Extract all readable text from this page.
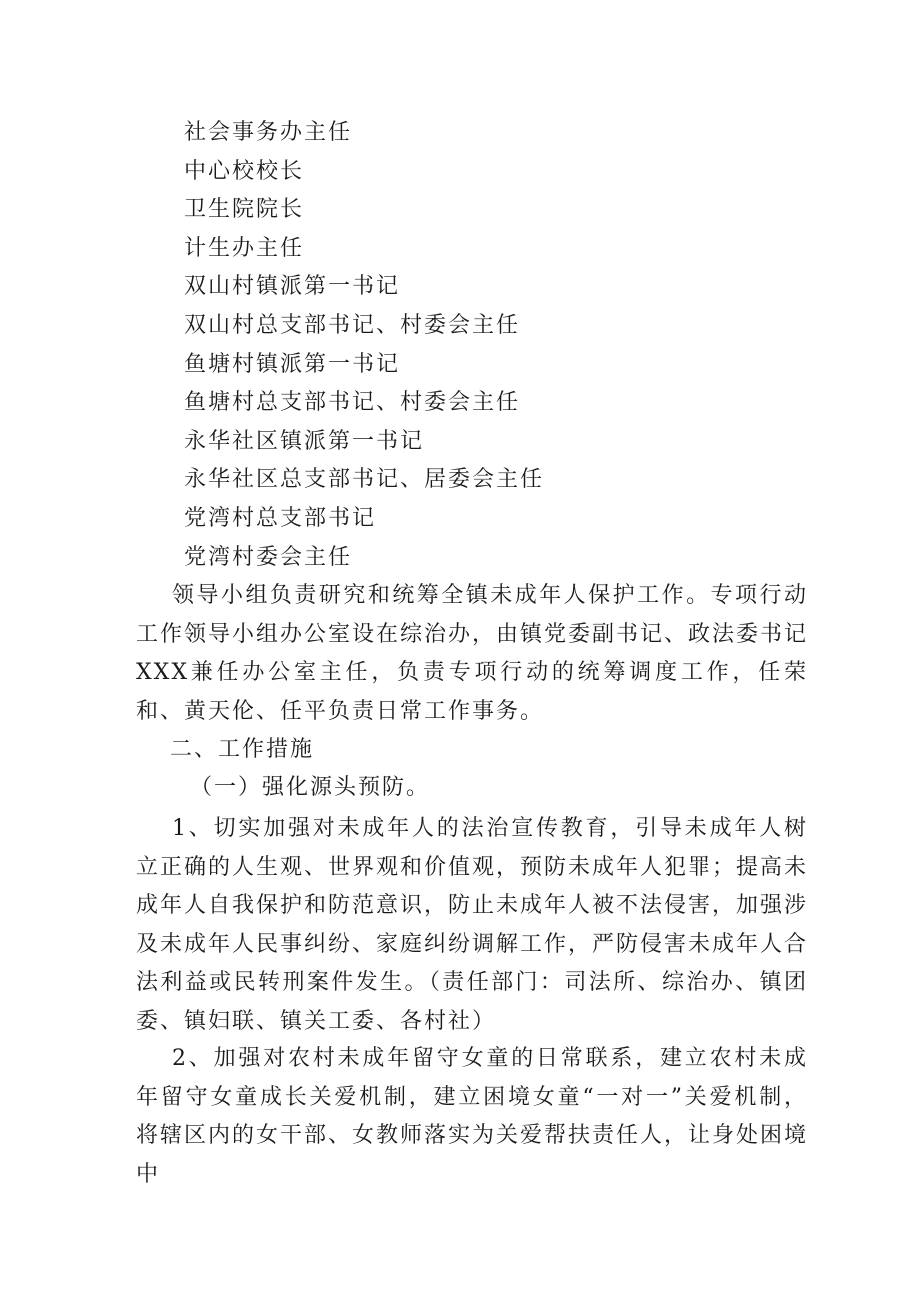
社会事务办主任
中心校校长
卫生院院长
计生办主任
双山村镇派第一书记
双山村总支部书记、村委会主任
鱼塘村镇派第一书记
鱼塘村总支部书记、村委会主任
永华社区镇派第一书记
永华社区总支部书记、居委会主任
党湾村总支部书记
党湾村委会主任

领导小组负责研究和统筹全镇未成年人保护工作。专项行动工作领导小组办公室设在综治办，由镇党委副书记、政法委书记XXX兼任办公室主任，负责专项行动的统筹调度工作，任荣和、黄天伦、任平负责日常工作事务。

二、工作措施

（一）强化源头预防。

1、切实加强对未成年人的法治宣传教育，引导未成年人树立正确的人生观、世界观和价值观，预防未成年人犯罪；提高未成年人自我保护和防范意识，防止未成年人被不法侵害，加强涉及未成年人民事纠纷、家庭纠纷调解工作，严防侵害未成年人合法利益或民转刑案件发生。（责任部门：司法所、综治办、镇团委、镇妇联、镇关工委、各村社）

2、加强对农村未成年留守女童的日常联系，建立农村未成年留守女童成长关爱机制，建立困境女童“一对一”关爱机制，将辖区内的女干部、女教师落实为关爱帮扶责任人，让身处困境中
